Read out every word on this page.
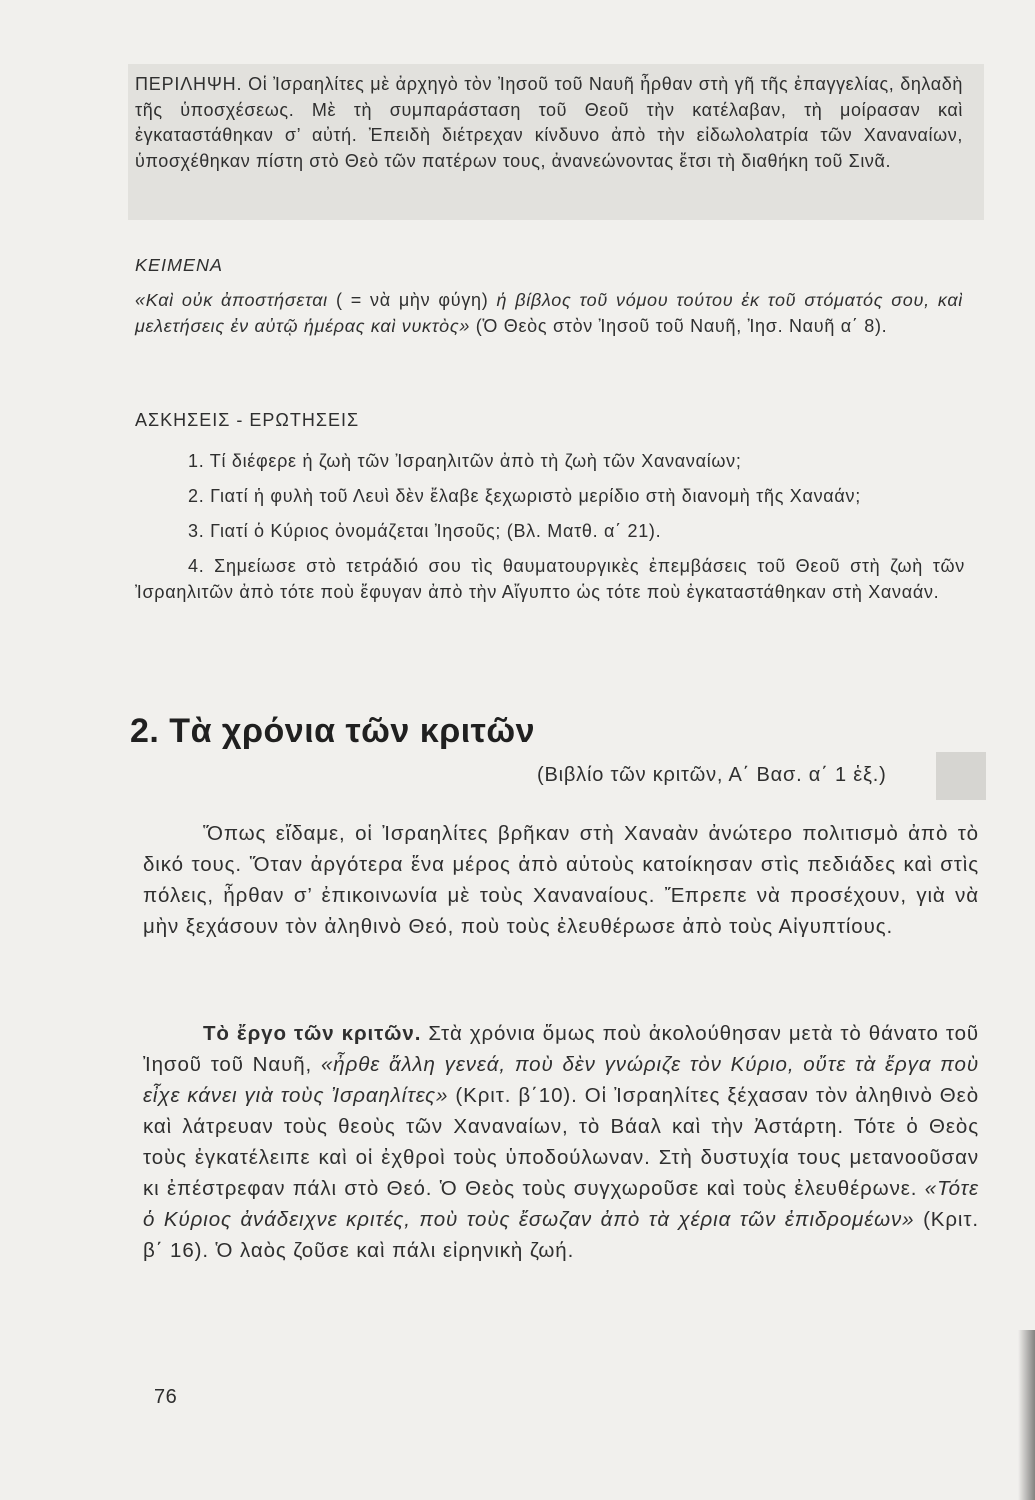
ΠΕΡΙΛΗΨΗ. Οἱ Ἰσραηλίτες μὲ ἀρχηγὸ τὸν Ἰησοῦ τοῦ Ναυῆ ἦρθαν στὴ γῆ τῆς ἐπαγγελίας, δηλαδὴ τῆς ὑποσχέσεως. Μὲ τὴ συμπαράσταση τοῦ Θεοῦ τὴν κατέλαβαν, τὴ μοίρασαν καὶ ἐγκαταστάθηκαν σ’ αὐτή. Ἐπειδὴ διέτρεχαν κίνδυνο ἀπὸ τὴν εἰδωλολατρία τῶν Χαναναίων, ὑποσχέθηκαν πίστη στὸ Θεὸ τῶν πατέρων τους, ἀνανεώνοντας ἔτσι τὴ διαθήκη τοῦ Σινᾶ.

ΚΕΙΜΕΝΑ

«Καὶ οὐκ ἀποστήσεται ( = νὰ μὴν φύγη) ἡ βίβλος τοῦ νόμου τούτου ἐκ τοῦ στόματός σου, καὶ μελετήσεις ἐν αὐτῷ ἡμέρας καὶ νυκτὸς» (Ὁ Θεὸς στὸν Ἰησοῦ τοῦ Ναυῆ, Ἰησ. Ναυῆ α΄ 8).

ΑΣΚΗΣΕΙΣ - ΕΡΩΤΗΣΕΙΣ
1. Τί διέφερε ἡ ζωὴ τῶν Ἰσραηλιτῶν ἀπὸ τὴ ζωὴ τῶν Χαναναίων;
2. Γιατί ἡ φυλὴ τοῦ Λευὶ δὲν ἔλαβε ξεχωριστὸ μερίδιο στὴ διανομὴ τῆς Χαναάν;
3. Γιατί ὁ Κύριος ὀνομάζεται Ἰησοῦς; (Βλ. Ματθ. α΄ 21).
4. Σημείωσε στὸ τετράδιό σου τὶς θαυματουργικὲς ἐπεμβάσεις τοῦ Θεοῦ στὴ ζωὴ τῶν Ἰσραηλιτῶν ἀπὸ τότε ποὺ ἔφυγαν ἀπὸ τὴν Αἴγυπτο ὡς τότε ποὺ ἐγκαταστάθηκαν στὴ Χαναάν.
2. Τὰ χρόνια τῶν κριτῶν

(Βιβλίο τῶν κριτῶν, Α΄ Βασ. α΄ 1 ἑξ.)

Ὅπως εἴδαμε, οἱ Ἰσραηλίτες βρῆκαν στὴ Χαναὰν ἀνώτερο πολιτισμὸ ἀπὸ τὸ δικό τους. Ὅταν ἀργότερα ἕνα μέρος ἀπὸ αὐτοὺς κατοίκησαν στὶς πεδιάδες καὶ στὶς πόλεις, ἦρθαν σ’ ἐπικοινωνία μὲ τοὺς Χαναναίους. Ἔπρεπε νὰ προσέχουν, γιὰ νὰ μὴν ξεχάσουν τὸν ἀληθινὸ Θεό, ποὺ τοὺς ἐλευθέρωσε ἀπὸ τοὺς Αἰγυπτίους.

Τὸ ἔργο τῶν κριτῶν. Στὰ χρόνια ὅμως ποὺ ἀκολούθησαν μετὰ τὸ θάνατο τοῦ Ἰησοῦ τοῦ Ναυῆ, «ἦρθε ἄλλη γενεά, ποὺ δὲν γνώριζε τὸν Κύριο, οὔτε τὰ ἔργα ποὺ εἶχε κάνει γιὰ τοὺς Ἰσραηλίτες» (Κριτ. β΄10). Οἱ Ἰσραηλίτες ξέχασαν τὸν ἀληθινὸ Θεὸ καὶ λάτρευαν τοὺς θεοὺς τῶν Χαναναίων, τὸ Βάαλ καὶ τὴν Ἀστάρτη. Τότε ὁ Θεὸς τοὺς ἐγκατέλειπε καὶ οἱ ἐχθροὶ τοὺς ὑποδούλωναν. Στὴ δυστυχία τους μετανοοῦσαν κι ἐπέστρεφαν πάλι στὸ Θεό. Ὁ Θεὸς τοὺς συγχωροῦσε καὶ τοὺς ἐλευθέρωνε. «Τότε ὁ Κύριος ἀνάδειχνε κριτές, ποὺ τοὺς ἔσωζαν ἀπὸ τὰ χέρια τῶν ἐπιδρομέων» (Κριτ. β΄ 16). Ὁ λαὸς ζοῦσε καὶ πάλι εἰρηνικὴ ζωή.

76
